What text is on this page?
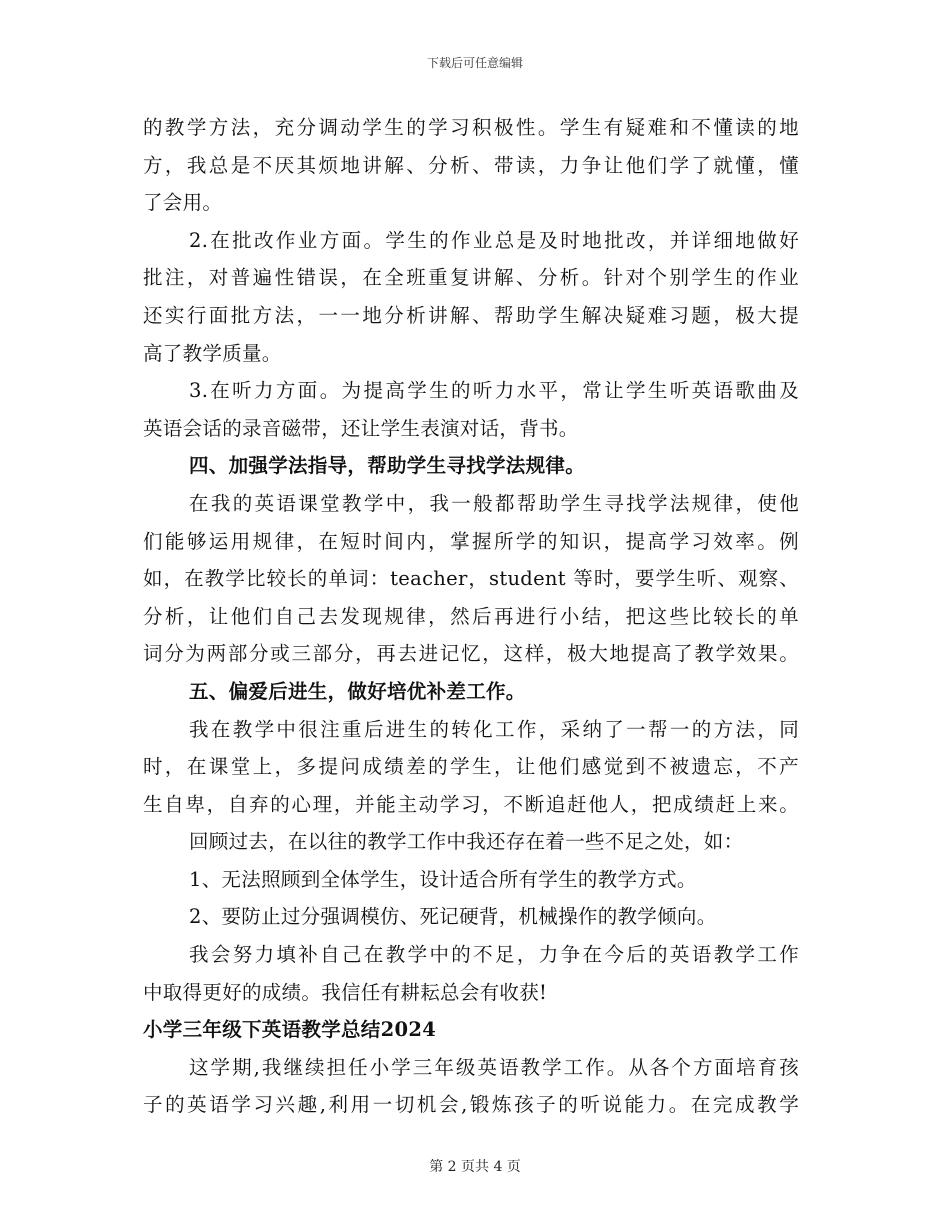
下载后可任意编辑
的教学方法，充分调动学生的学习积极性。学生有疑难和不懂读的地
方，我总是不厌其烦地讲解、分析、带读，力争让他们学了就懂，懂
了会用。
2.在批改作业方面。学生的作业总是及时地批改，并详细地做好
批注，对普遍性错误，在全班重复讲解、分析。针对个别学生的作业
还实行面批方法，一一地分析讲解、帮助学生解决疑难习题，极大提
高了教学质量。
3.在听力方面。为提高学生的听力水平，常让学生听英语歌曲及
英语会话的录音磁带，还让学生表演对话，背书。
四、加强学法指导，帮助学生寻找学法规律。
在我的英语课堂教学中，我一般都帮助学生寻找学法规律，使他
们能够运用规律，在短时间内，掌握所学的知识，提高学习效率。例
如，在教学比较长的单词：teacher，student 等时，要学生听、观察、
分析，让他们自己去发现规律，然后再进行小结，把这些比较长的单
词分为两部分或三部分，再去进记忆，这样，极大地提高了教学效果。
五、偏爱后进生，做好培优补差工作。
我在教学中很注重后进生的转化工作，采纳了一帮一的方法，同
时，在课堂上，多提问成绩差的学生，让他们感觉到不被遗忘，不产
生自卑，自弃的心理，并能主动学习，不断追赶他人，把成绩赶上来。
回顾过去，在以往的教学工作中我还存在着一些不足之处，如：
1、无法照顾到全体学生，设计适合所有学生的教学方式。
2、要防止过分强调模仿、死记硬背，机械操作的教学倾向。
我会努力填补自己在教学中的不足，力争在今后的英语教学工作
中取得更好的成绩。我信任有耕耘总会有收获!
小学三年级下英语教学总结2024
这学期,我继续担任小学三年级英语教学工作。从各个方面培育孩
子的英语学习兴趣,利用一切机会,锻炼孩子的听说能力。在完成教学
第 2 页共 4 页
